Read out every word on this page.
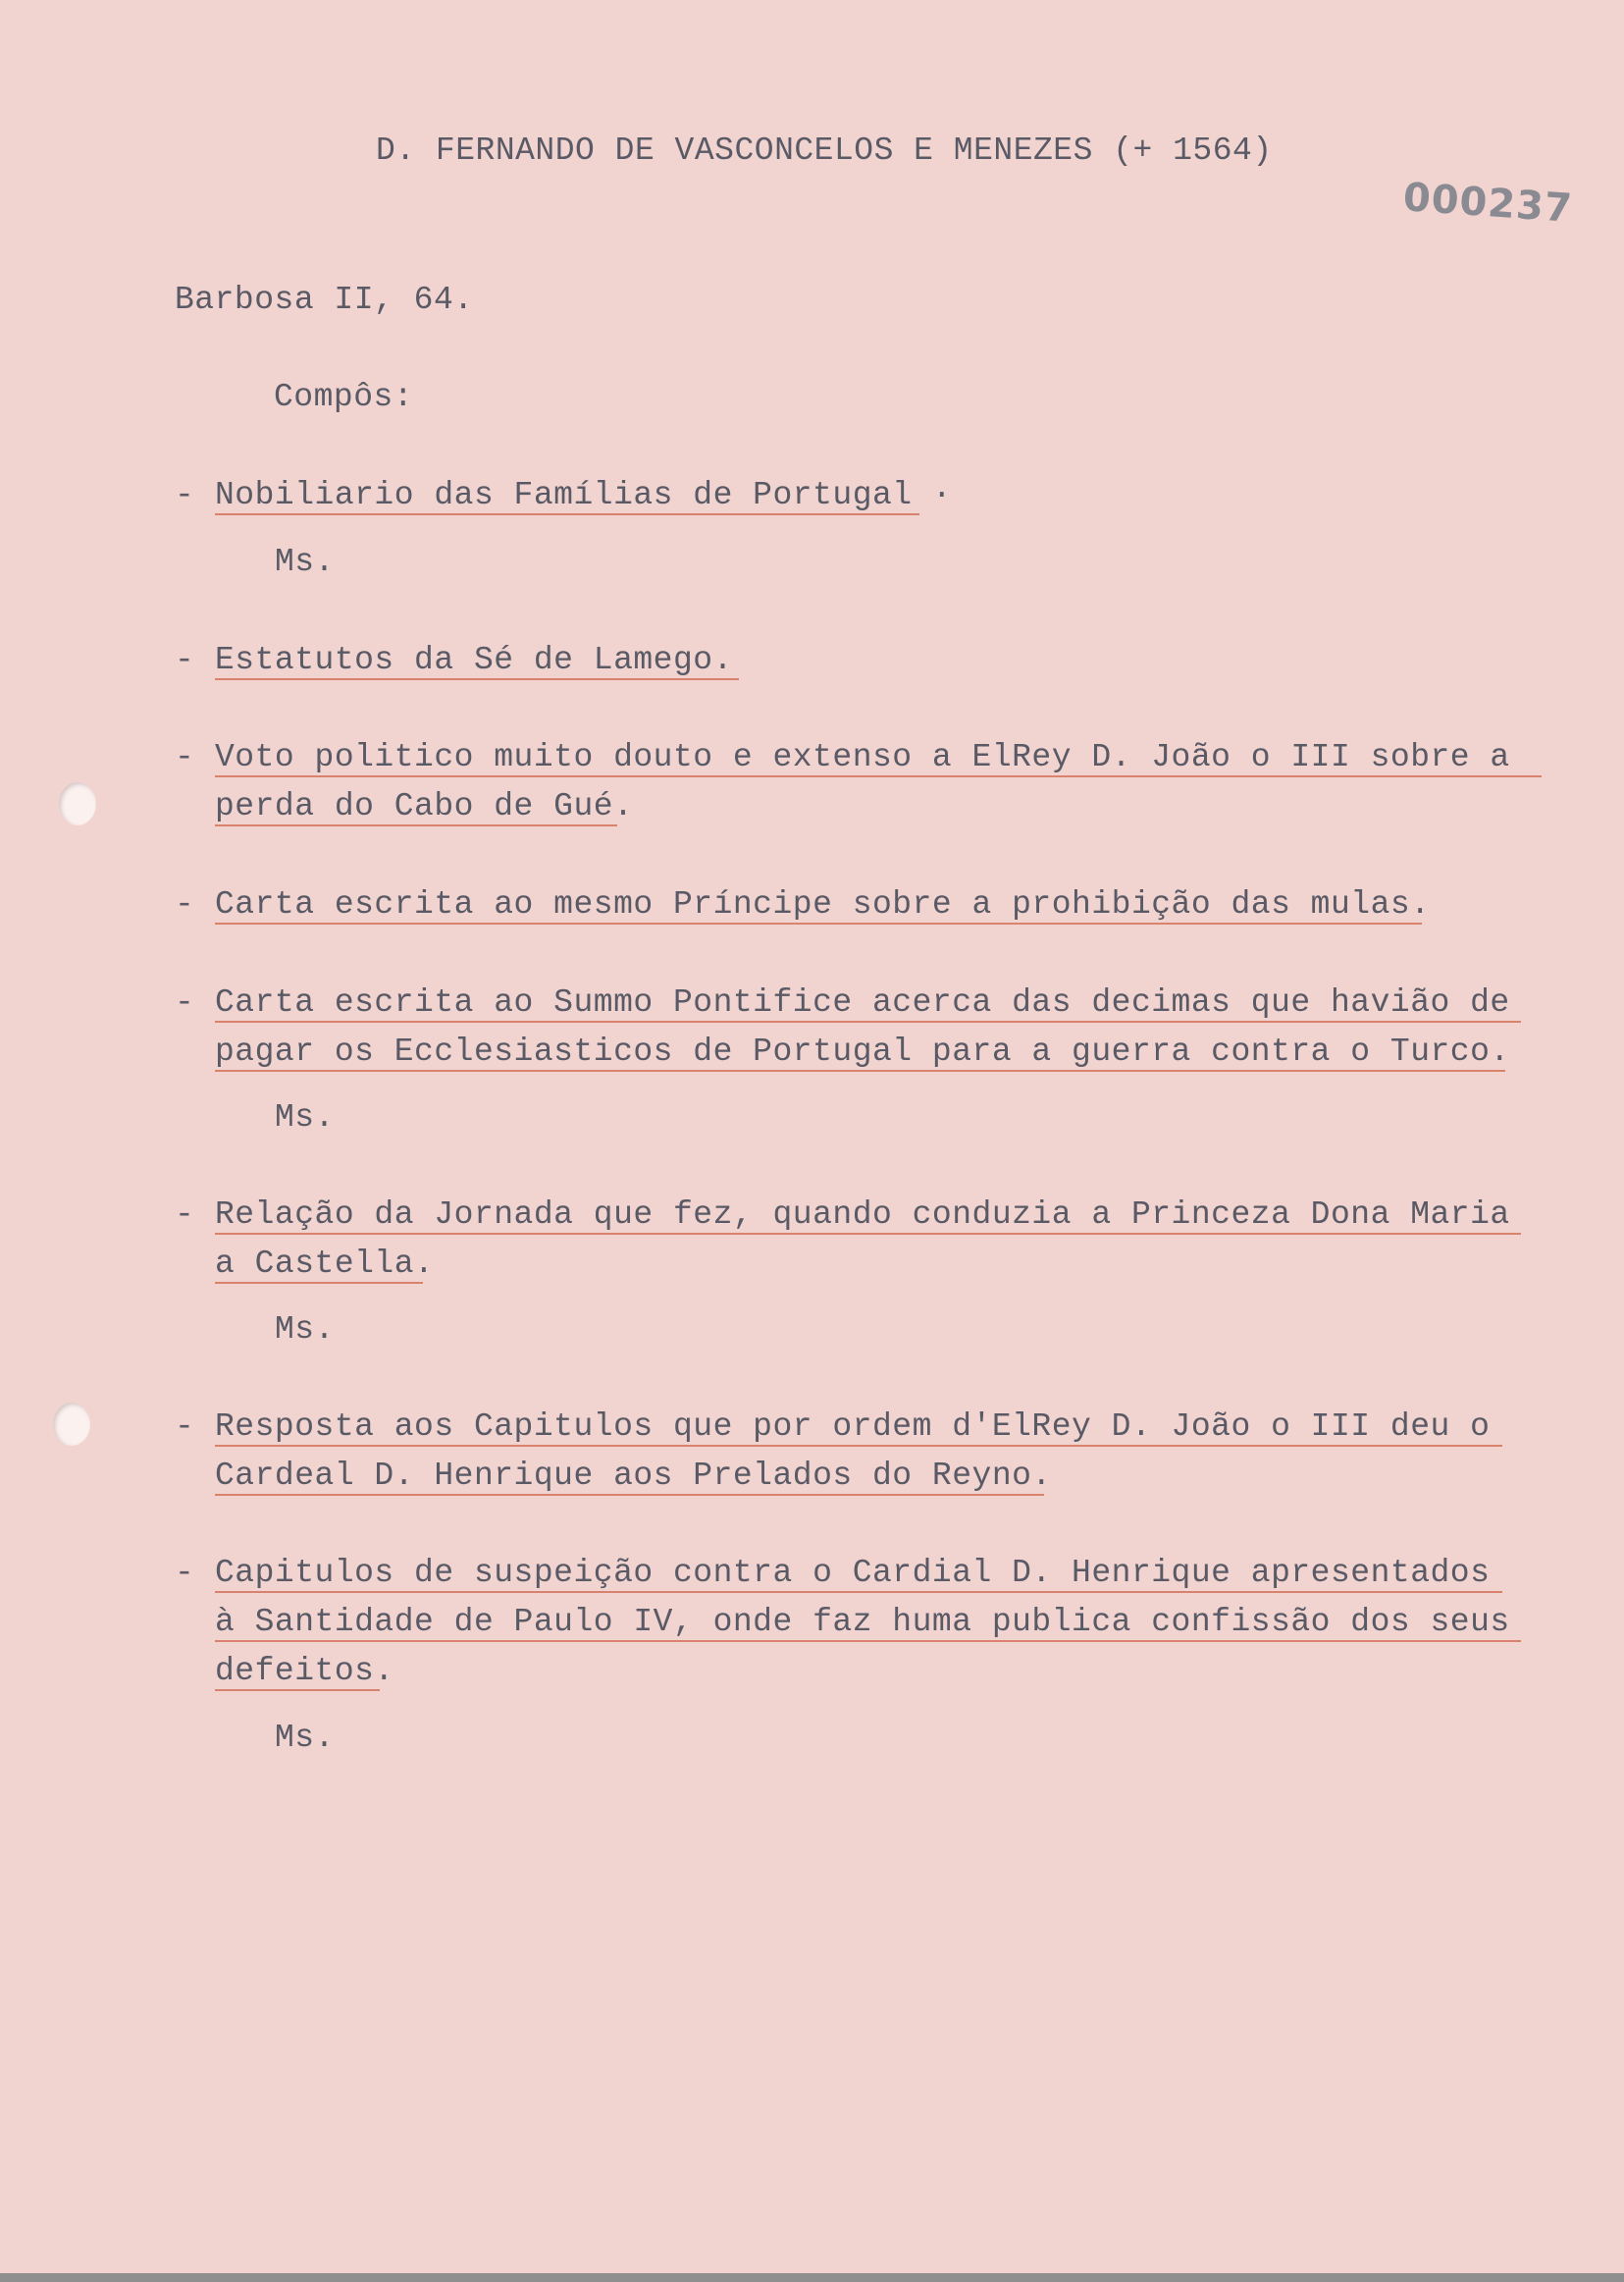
D. FERNANDO DE VASCONCELOS E MENEZES (+ 1564)
000237
Barbosa II, 64.
Compôs:
- Nobiliario das Famílias de Portugal ·
Ms.
- Estatutos da Sé de Lamego.
- Voto politico muito douto e extenso a ElRey D. João o III sobre a
perda do Cabo de Gué.
- Carta escrita ao mesmo Príncipe sobre a prohibição das mulas.
- Carta escrita ao Summo Pontifice acerca das decimas que havião de
pagar os Ecclesiasticos de Portugal para a guerra contra o Turco.
Ms.
- Relação da Jornada que fez, quando conduzia a Princeza Dona Maria
a Castella.
Ms.
- Resposta aos Capitulos que por ordem d'ElRey D. João o III deu o
Cardeal D. Henrique aos Prelados do Reyno.
- Capitulos de suspeição contra o Cardial D. Henrique apresentados
à Santidade de Paulo IV, onde faz huma publica confissão dos seus
defeitos.
Ms.
